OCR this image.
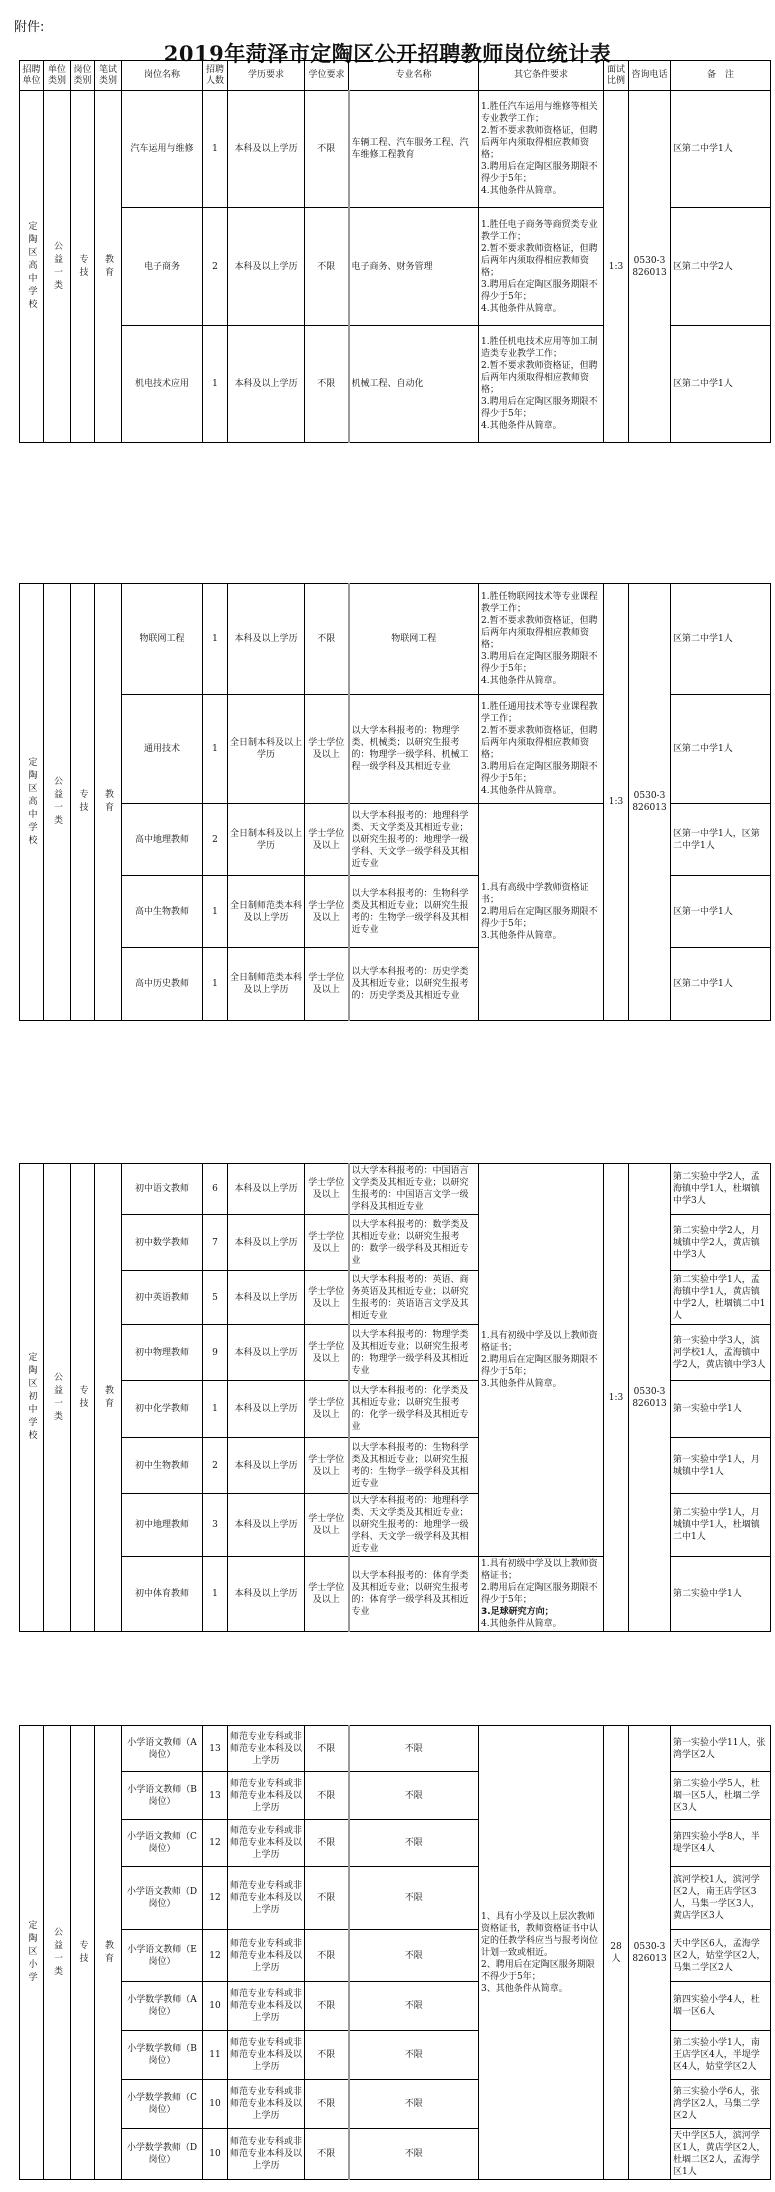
附件:
2019年菏泽市定陶区公开招聘教师岗位统计表
招聘单位	单位类别	岗位类别	笔试类别	岗位名称	招聘人数	学历要求	学位要求	专业名称	其它条件要求	面试比例	咨询电话	备　注

定陶区高中学校	公益一类	专技	教育	汽车运用与维修	1	本科及以上学历	不限	车辆工程、汽车服务工程、汽车维修工程教育	1.胜任汽车运用与维修等相关专业教学工作；
2.暂不要求教师资格证，但聘后两年内须取得相应教师资格；
3.聘用后在定陶区服务期限不得少于5年；
4.其他条件从简章。	1:3	0530-3826013	区第二中学1人
				电子商务	2	本科及以上学历	不限	电子商务、财务管理	1.胜任电子商务等商贸类专业教学工作；
2.暂不要求教师资格证，但聘后两年内须取得相应教师资格；
3.聘用后在定陶区服务期限不得少于5年；
4.其他条件从简章。			区第二中学2人
				机电技术应用	1	本科及以上学历	不限	机械工程、自动化	1.胜任机电技术应用等加工制造类专业教学工作；
2.暂不要求教师资格证，但聘后两年内须取得相应教师资格；
3.聘用后在定陶区服务期限不得少于5年；
4.其他条件从简章。			区第二中学1人
定陶区高中学校	公益一类	专技	教育	物联网工程	1	本科及以上学历	不限	物联网工程	1.胜任物联网技术等专业课程教学工作；
2.暂不要求教师资格证，但聘后两年内须取得相应教师资格；
3.聘用后在定陶区服务期限不得少于5年；
4.其他条件从简章。	1:3	0530-3826013	区第二中学1人
				通用技术	1	全日制本科及以上学历	学士学位及以上	以大学本科报考的：物理学类、机械类；以研究生报考的：物理学一级学科、机械工程一级学科及其相近专业	1.胜任通用技术等专业课程教学工作；
2.暂不要求教师资格证，但聘后两年内须取得相应教师资格；
3.聘用后在定陶区服务期限不得少于5年；
4.其他条件从简章。			区第二中学1人
				高中地理教师	2	全日制本科及以上学历	学士学位及以上	以大学本科报考的：地理科学类、天文学类及其相近专业；以研究生报考的：地理学一级学科、天文学一级学科及其相近专业	1.具有高级中学教师资格证书；
2.聘用后在定陶区服务期限不得少于5年；
3.其他条件从简章。			区第一中学1人，区第二中学1人
				高中生物教师	1	全日制师范类本科及以上学历	学士学位及以上	以大学本科报考的：生物科学类及其相近专业；以研究生报考的：生物学一级学科及其相近专业				区第一中学1人
				高中历史教师	1	全日制师范类本科及以上学历	学士学位及以上	以大学本科报考的：历史学类及其相近专业；以研究生报考的：历史学类及其相近专业				区第二中学1人
定陶区初中学校	公益一类	专技	教育	初中语文教师	6	本科及以上学历	学士学位及以上	以大学本科报考的：中国语言文学类及其相近专业；以研究生报考的：中国语言文学一级学科及其相近专业	1.具有初级中学及以上教师资格证书；
2.聘用后在定陶区服务期限不得少于5年；
3.其他条件从简章。	1:3	0530-3826013	第二实验中学2人，孟海镇中学1人，杜堌镇中学3人
				初中数学教师	7	本科及以上学历	学士学位及以上	以大学本科报考的：数学类及其相近专业；以研究生报考的：数学一级学科及其相近专业				第二实验中学2人，月城镇中学2人，黄店镇中学3人
				初中英语教师	5	本科及以上学历	学士学位及以上	以大学本科报考的：英语、商务英语及其相近专业；以研究生报考的：英语语言文学及其相近专业				第二实验中学1人，孟海镇中学1人，黄店镇中学2人，杜堌镇二中1人
				初中物理教师	9	本科及以上学历	学士学位及以上	以大学本科报考的：物理学类及其相近专业；以研究生报考的：物理学一级学科及其相近专业				第一实验中学3人，滨河学校1人，孟海镇中学2人，黄店镇中学3人
				初中化学教师	1	本科及以上学历	学士学位及以上	以大学本科报考的：化学类及其相近专业；以研究生报考的：化学一级学科及其相近专业				第一实验中学1人
				初中生物教师	2	本科及以上学历	学士学位及以上	以大学本科报考的：生物科学类及其相近专业；以研究生报考的：生物学一级学科及其相近专业				第一实验中学1人，月城镇中学1人
				初中地理教师	3	本科及以上学历	学士学位及以上	以大学本科报考的：地理科学类、天文学类及其相近专业；以研究生报考的：地理学一级学科、天文学一级学科及其相近专业				第二实验中学1人，月城镇中学1人，杜堌镇二中1人
				初中体育教师	1	本科及以上学历	学士学位及以上	以大学本科报考的：体育学类及其相近专业；以研究生报考的：体育学一级学科及其相近专业	1.具有初级中学及以上教师资格证书；
2.聘用后在定陶区服务期限不得少于5年；
3.足球研究方向；
4.其他条件从简章。			第二实验中学1人
定陶区小学	公益一类	专技	教育	小学语文教师（A岗位）	13	师范专业专科或非师范专业本科及以上学历	不限	不限	1、具有小学及以上层次教师资格证书，教师资格证书中认定的任教学科应当与报考岗位计划一致或相近。
2、聘用后在定陶区服务期限不得少于5年；
3、其他条件从简章。	28人	0530-3826013	第一实验小学11人，张湾学区2人
				小学语文教师（B岗位）	13	师范专业专科或非师范专业本科及以上学历	不限	不限				第二实验小学5人，杜堌一区5人，杜堌二学区3人
				小学语文教师（C岗位）	12	师范专业专科或非师范专业本科及以上学历	不限	不限				第四实验小学8人，半堤学区4人
				小学语文教师（D岗位）	12	师范专业专科或非师范专业本科及以上学历	不限	不限				滨河学校1人，滨河学区2人，南王店学区3人，马集一学区3人，黄店学区3人
				小学语文教师（E岗位）	12	师范专业专科或非师范专业本科及以上学历	不限	不限				天中学区6人，孟海学区2人，姑堂学区2人，马集二学区2人
				小学数学教师（A岗位）	10	师范专业专科或非师范专业本科及以上学历	不限	不限				第四实验小学4人，杜堌一区6人
				小学数学教师（B岗位）	11	师范专业专科或非师范专业本科及以上学历	不限	不限				第二实验小学1人，南王店学区4人，半堤学区4人，姑堂学区2人
				小学数学教师（C岗位）	10	师范专业专科或非师范专业本科及以上学历	不限	不限				第三实验小学6人，张湾学区2人，马集二学区2人
				小学数学教师（D岗位）	10	师范专业专科或非师范专业本科及以上学历	不限	不限				天中学区5人，滨河学区1人，黄店学区2人，杜堌二区2人，孟海学区1人
